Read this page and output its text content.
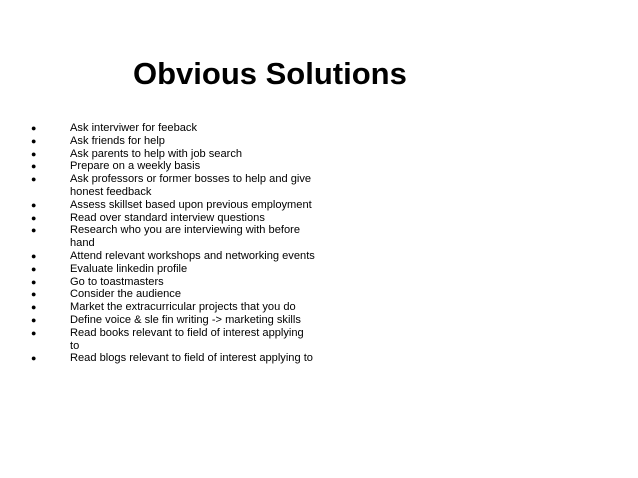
Obvious Solutions
●	Ask interviwer for feeback
●	Ask friends for help
●	Ask parents to help with job search
●	Prepare on a weekly basis
●	Ask professors or former bosses to help and give honest feedback
●	Assess skillset based upon previous employment
●	Read over standard interview questions
●	Research who you are interviewing with before hand
●	Attend relevant workshops and networking events
●	Evaluate linkedin profile
●	Go to toastmasters
●	Consider the audience
●	Market the extracurricular projects that you do
●	Define voice & sle fin writing -> marketing skills
●	Read books relevant to field of interest applying to
●	Read blogs relevant to field of interest applying to
